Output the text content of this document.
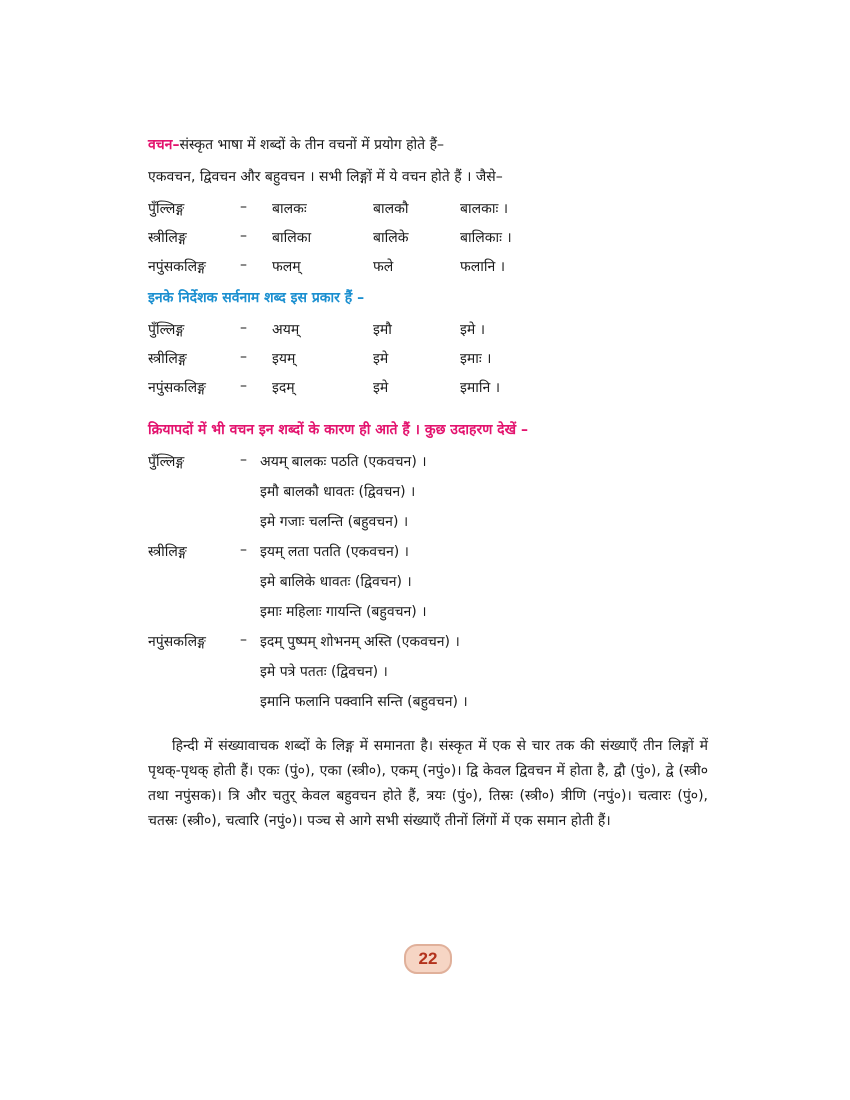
वचन–संस्कृत भाषा में शब्दों के तीन वचनों में प्रयोग होते हैं–
एकवचन, द्विवचन और बहुवचन । सभी लिङ्गों में ये वचन होते हैं । जैसे–
पुँल्लिङ्ग	– बालकः	बालकौ	बालकाः ।
स्त्रीलिङ्ग	– बालिका	बालिके	बालिकाः ।
नपुंसकलिङ्ग – फलम्	फले	फलानि ।
इनके निर्देशक सर्वनाम शब्द इस प्रकार हैं –
पुँल्लिङ्ग	– अयम्	इमौ	इमे ।
स्त्रीलिङ्ग	– इयम्	इमे	इमाः ।
नपुंसकलिङ्ग – इदम्	इमे	इमानि ।
क्रियापदों में भी वचन इन शब्दों के कारण ही आते हैं । कुछ उदाहरण देखें –
पुँल्लिङ्ग	– अयम् बालकः पठति (एकवचन) ।
इमौ बालकौ धावतः (द्विवचन) ।
इमे गजाः चलन्ति (बहुवचन) ।
स्त्रीलिङ्ग	– इयम् लता पतति (एकवचन) ।
इमे बालिके धावतः (द्विवचन) ।
इमाः महिलाः गायन्ति (बहुवचन) ।
नपुंसकलिङ्ग – इदम् पुष्पम् शोभनम् अस्ति (एकवचन) ।
इमे पत्रे पततः (द्विवचन) ।
इमानि फलानि पक्वानि सन्ति (बहुवचन) ।
हिन्दी में संख्यावाचक शब्दों के लिङ्ग में समानता है। संस्कृत में एक से चार तक की संख्याएँ तीन लिङ्गों में पृथक्-पृथक् होती हैं। एकः (पुं०), एका (स्त्री०), एकम् (नपुं०)। द्वि केवल द्विवचन में होता है, द्वौ (पुं०), द्वे (स्त्री० तथा नपुंसक)। त्रि और चतुर् केवल बहुवचन होते हैं, त्रयः (पुं०), तिस्रः (स्त्री०) त्रीणि (नपुं०)। चत्वारः (पुं०), चतस्रः (स्त्री०), चत्वारि (नपुं०)। पञ्च से आगे सभी संख्याएँ तीनों लिंगों में एक समान होती हैं।
22
